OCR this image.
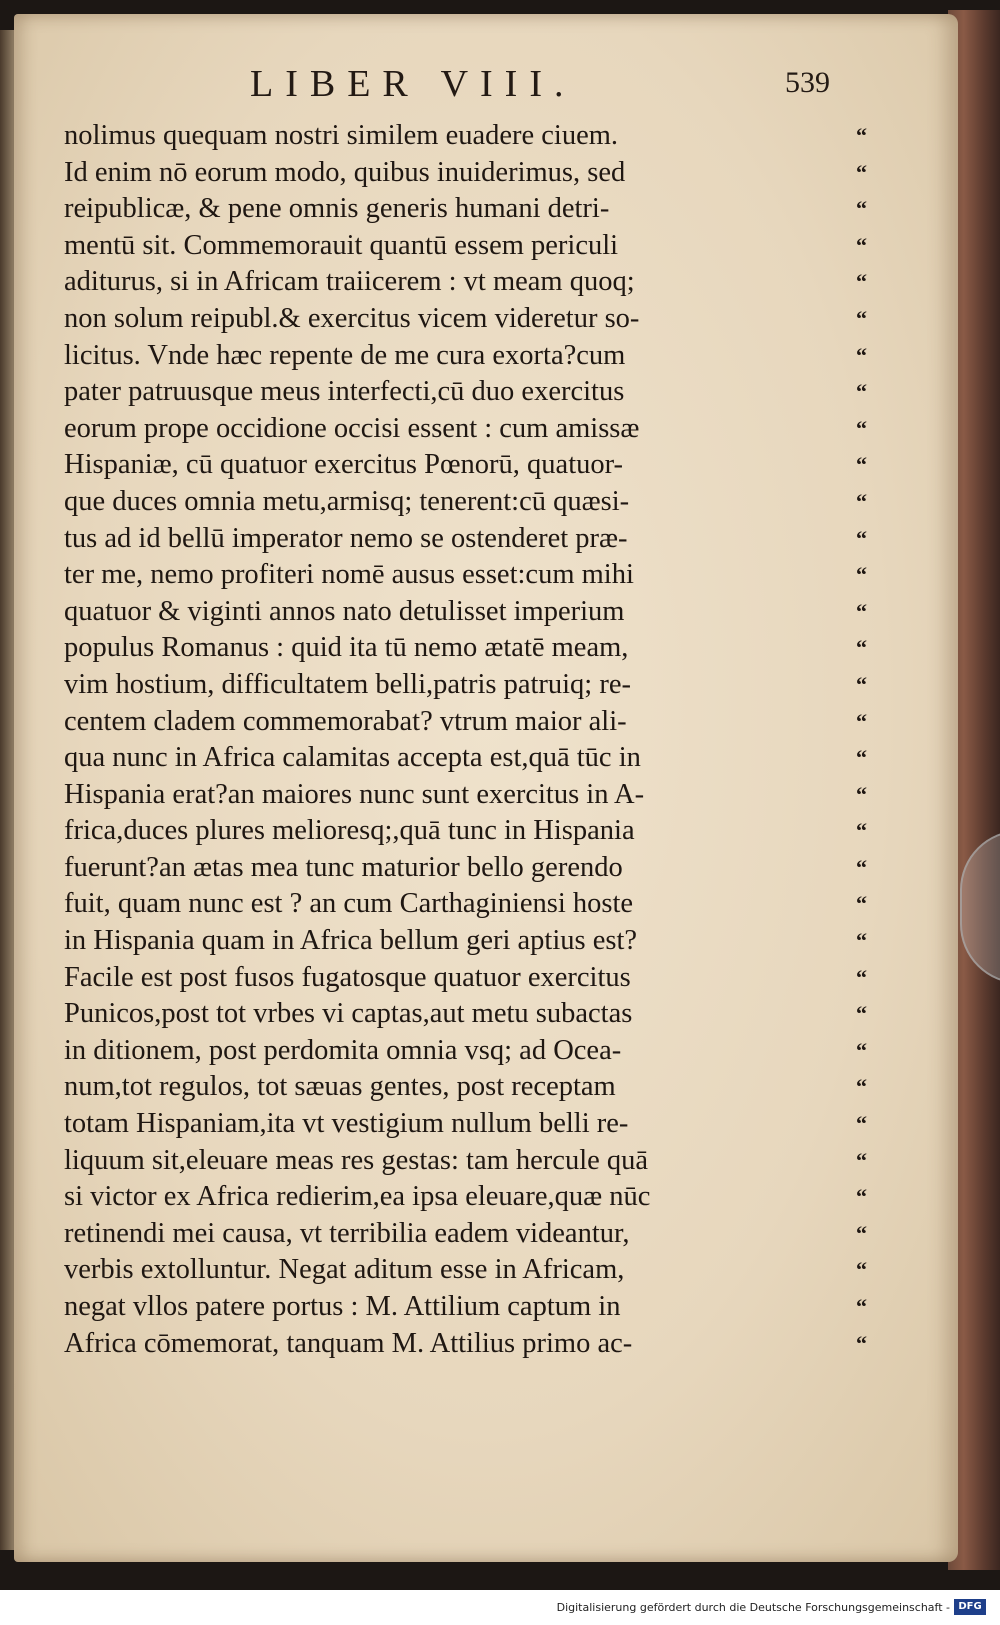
LIBER VIII.	539
nolimus quequam nostri similem euadere ciuem.
Id enim nō eorum modo, quibus inuiderimus, sed
reipublicæ, & pene omnis generis humani detri-
mentū sit. Commemorauit quantū essem periculi
aditurus, si in Africam traiicerem : vt meam quoq;
non solum reipubl.& exercitus vicem videretur so-
licitus. Vnde hæc repente de me cura exorta?cum
pater patruusque meus interfecti,cū duo exercitus
eorum prope occidione occisi essent : cum amissæ
Hispaniæ, cū quatuor exercitus Pœnorū, quatuor-
que duces omnia metu,armisq; tenerent:cū quæsi-
tus ad id bellū imperator nemo se ostenderet præ-
ter me, nemo profiteri nomē ausus esset:cum mihi
quatuor & viginti annos nato detulisset imperium
populus Romanus : quid ita tū nemo ætatē meam,
vim hostium, difficultatem belli,patris patruiq; re-
centem cladem commemorabat? vtrum maior ali-
qua nunc in Africa calamitas accepta est,quā tūc in
Hispania erat?an maiores nunc sunt exercitus in A-
frica,duces plures melioresq;,quā tunc in Hispania
fuerunt?an ætas mea tunc maturior bello gerendo
fuit, quam nunc est ? an cum Carthaginiensi hoste
in Hispania quam in Africa bellum geri aptius est?
Facile est post fusos fugatosque quatuor exercitus
Punicos,post tot vrbes vi captas,aut metu subactas
in ditionem, post perdomita omnia vsq; ad Ocea-
num,tot regulos, tot sæuas gentes, post receptam
totam Hispaniam,ita vt vestigium nullum belli re-
liquum sit,eleuare meas res gestas: tam hercule quā
si victor ex Africa redierim,ea ipsa eleuare,quæ nūc
retinendi mei causa, vt terribilia eadem videantur,
verbis extolluntur. Negat aditum esse in Africam,
negat vllos patere portus : M. Attilium captum in
Africa cōmemorat, tanquam M. Attilius primo ac-
“
“
“
“
“
“
“
“
“
“
“
“
“
“
“
“
“
“
“
“
“
“
“
“
“
“
“
“
“
“
“
“
“
“
Digitalisierung gefördert durch die Deutsche Forschungsgemeinschaft - DFG
